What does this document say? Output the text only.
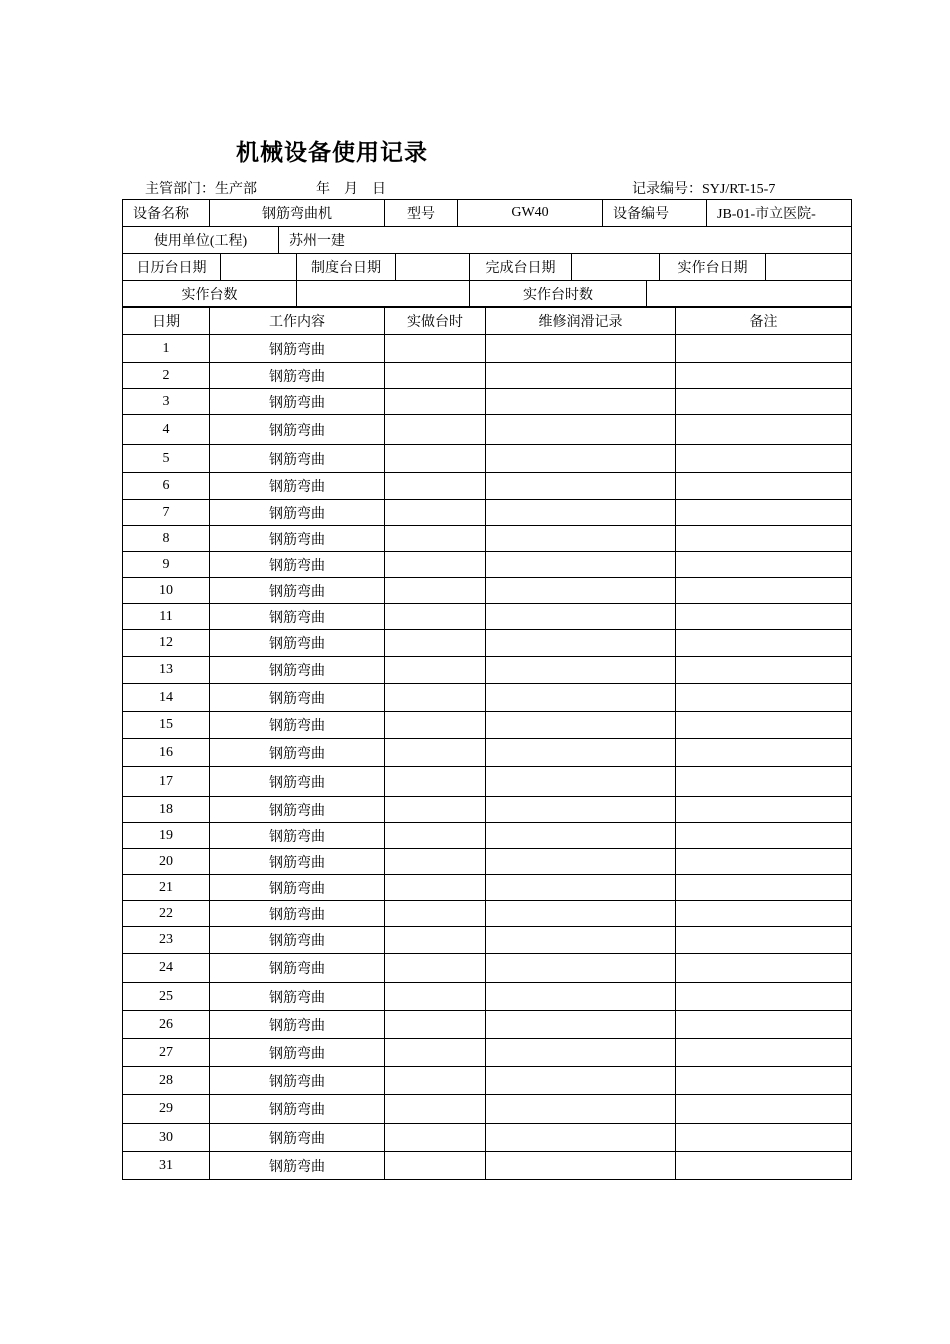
机械设备使用记录
主管部门：生产部	年    月    日	记录编号：SYJ/RT-15-7
设备名称	钢筋弯曲机	型号	GW40	设备编号	JB-01-市立医院-
使用单位(工程)	苏州一建
日历台日期		制度台日期		完成台日期		实作台日期	
实作台数		实作台时数	
日期	工作内容	实做台时	维修润滑记录	备注
1	钢筋弯曲			
2	钢筋弯曲			
3	钢筋弯曲			
4	钢筋弯曲			
5	钢筋弯曲			
6	钢筋弯曲			
7	钢筋弯曲			
8	钢筋弯曲			
9	钢筋弯曲			
10	钢筋弯曲			
11	钢筋弯曲			
12	钢筋弯曲			
13	钢筋弯曲			
14	钢筋弯曲			
15	钢筋弯曲			
16	钢筋弯曲			
17	钢筋弯曲			
18	钢筋弯曲			
19	钢筋弯曲			
20	钢筋弯曲			
21	钢筋弯曲			
22	钢筋弯曲			
23	钢筋弯曲			
24	钢筋弯曲			
25	钢筋弯曲			
26	钢筋弯曲			
27	钢筋弯曲			
28	钢筋弯曲			
29	钢筋弯曲			
30	钢筋弯曲			
31	钢筋弯曲			
